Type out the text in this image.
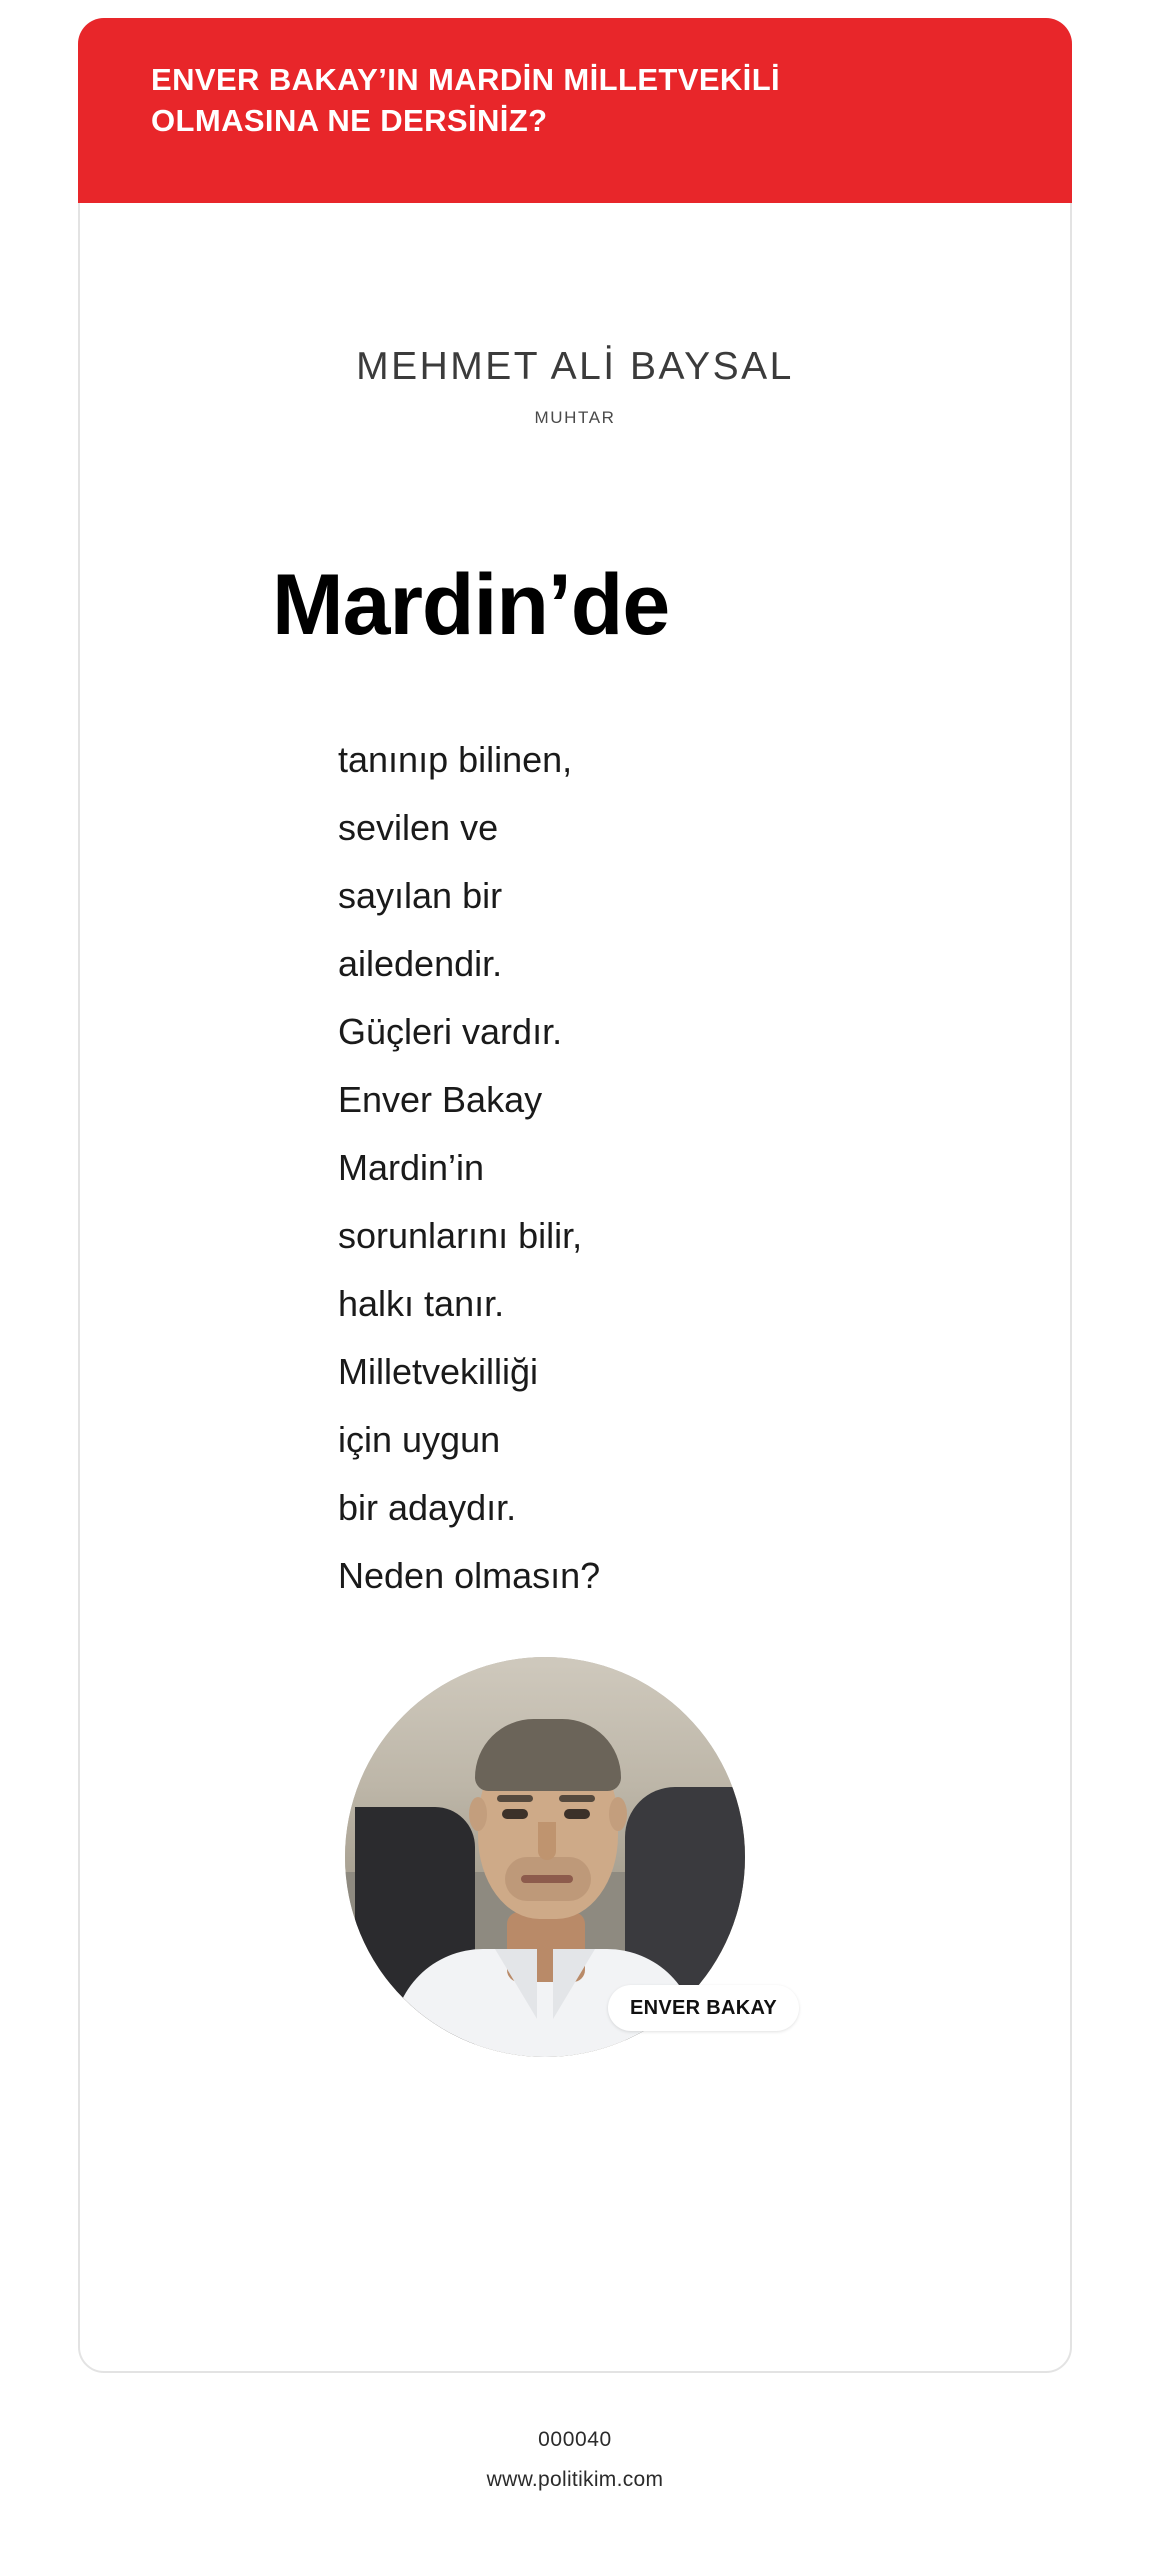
ENVER BAKAY’IN MARDİN MİLLETVEKİLİ OLMASINA NE DERSİNİZ?
MEHMET ALİ BAYSAL
MUHTAR
Mardin’de
tanınıp bilinen,
sevilen ve
sayılan bir
ailedendir.
Güçleri vardır.
Enver Bakay
Mardin’in
sorunlarını bilir,
halkı tanır.
Milletvekilliği
için uygun
bir adaydır.
Neden olmasın?
ENVER BAKAY
000040
www.politikim.com
